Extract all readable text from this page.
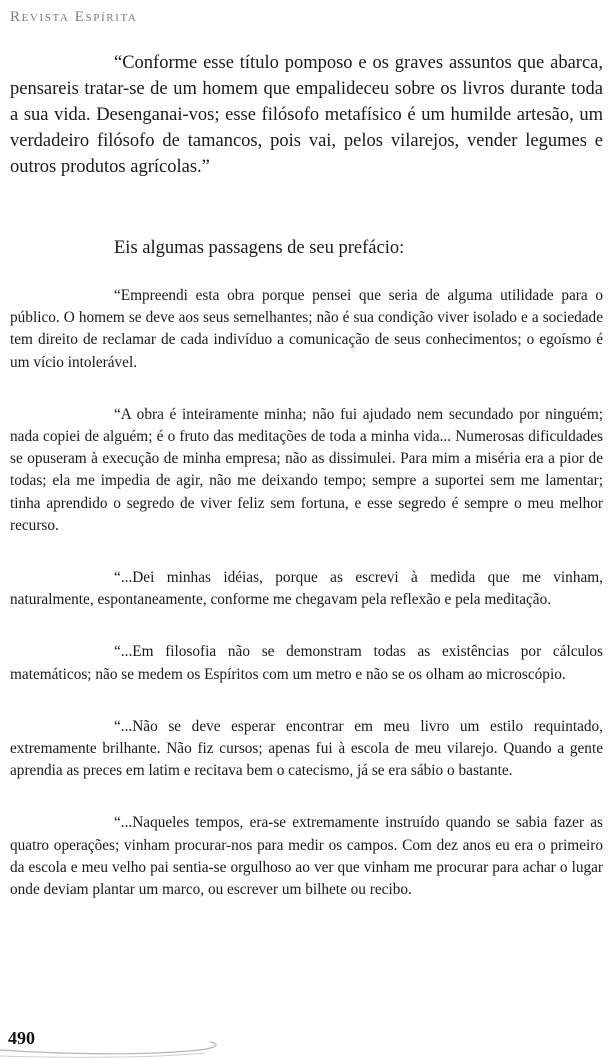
Revista Espírita

“Conforme esse título pomposo e os graves assuntos que abarca, pensareis tratar-se de um homem que empalideceu sobre os livros durante toda a sua vida. Desenganai-vos; esse filósofo metafísico é um humilde artesão, um verdadeiro filósofo de tamancos, pois vai, pelos vilarejos, vender legumes e outros produtos agrícolas.”

Eis algumas passagens de seu prefácio:

“Empreendi esta obra porque pensei que seria de alguma utilidade para o público. O homem se deve aos seus semelhantes; não é sua condição viver isolado e a sociedade tem direito de reclamar de cada indivíduo a comunicação de seus conhecimentos; o egoísmo é um vício intolerável.

“A obra é inteiramente minha; não fui ajudado nem secundado por ninguém; nada copiei de alguém; é o fruto das meditações de toda a minha vida... Numerosas dificuldades se opuseram à execução de minha empresa; não as dissimulei. Para mim a miséria era a pior de todas; ela me impedia de agir, não me deixando tempo; sempre a suportei sem me lamentar; tinha aprendido o segredo de viver feliz sem fortuna, e esse segredo é sempre o meu melhor recurso.

“...Dei minhas idéias, porque as escrevi à medida que me vinham, naturalmente, espontaneamente, conforme me chegavam pela reflexão e pela meditação.

“...Em filosofia não se demonstram todas as existências por cálculos matemáticos; não se medem os Espíritos com um metro e não se os olham ao microscópio.

“...Não se deve esperar encontrar em meu livro um estilo requintado, extremamente brilhante. Não fiz cursos; apenas fui à escola de meu vilarejo. Quando a gente aprendia as preces em latim e recitava bem o catecismo, já se era sábio o bastante.

“...Naqueles tempos, era-se extremamente instruído quando se sabia fazer as quatro operações; vinham procurar-nos para medir os campos. Com dez anos eu era o primeiro da escola e meu velho pai sentia-se orgulhoso ao ver que vinham me procurar para achar o lugar onde deviam plantar um marco, ou escrever um bilhete ou recibo.

490
